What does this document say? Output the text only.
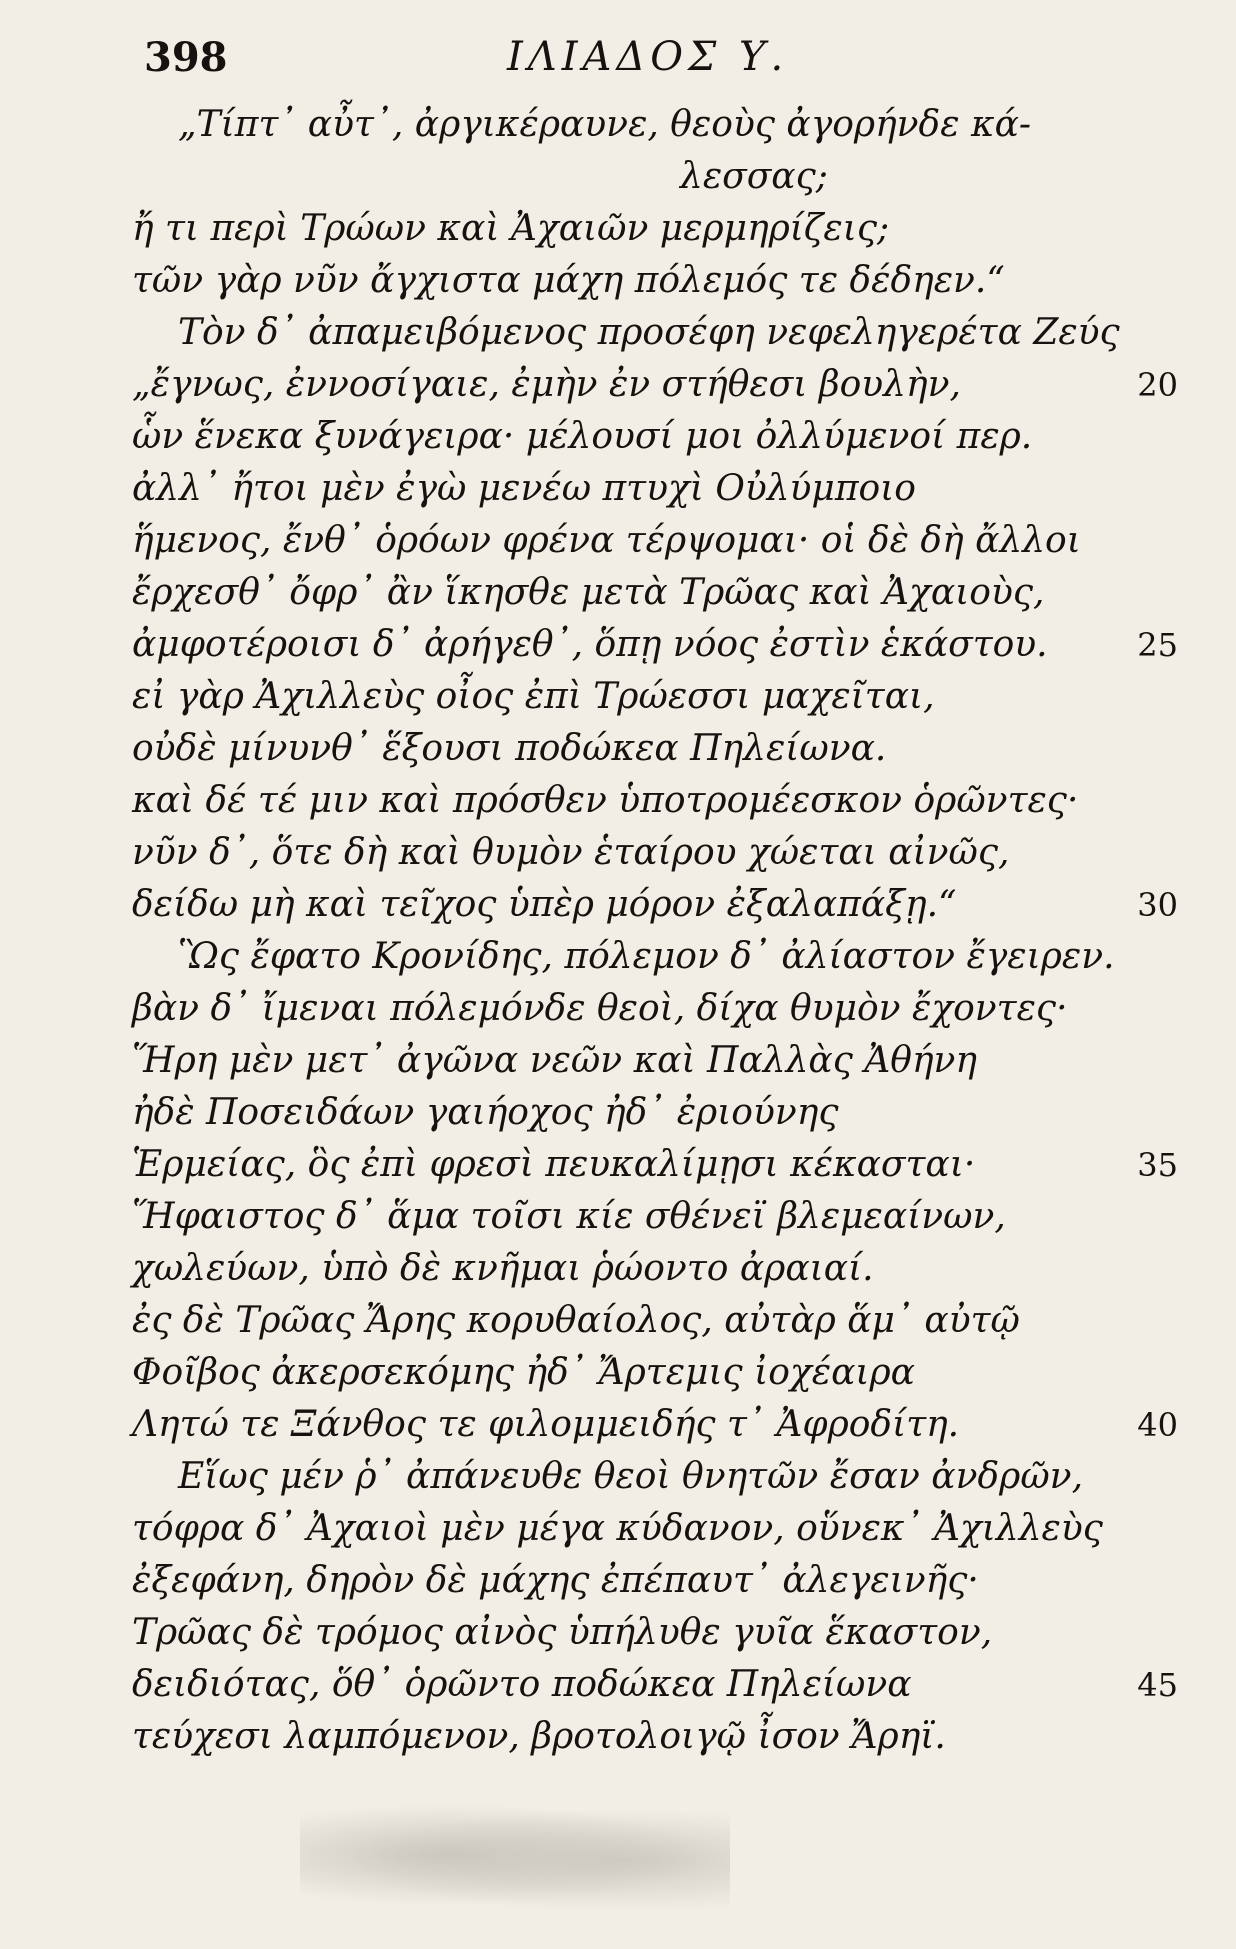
398	ΙΛΙΑΔΟΣ Υ.
„Τίπτ᾽ αὖτ᾽, ἀργικέραυνε, θεοὺς ἀγορήνδε κά-
λεσσας;
ἤ τι περὶ Τρώων καὶ Ἀχαιῶν μερμηρίζεις;
τῶν γὰρ νῦν ἄγχιστα μάχη πόλεμός τε δέδηεν.“
Τὸν δ᾽ ἀπαμειβόμενος προσέφη νεφεληγερέτα Ζεύς
„ἔγνως, ἐννοσίγαιε, ἐμὴν ἐν στήθεσι βουλὴν,	20
ὧν ἕνεκα ξυνάγειρα· μέλουσί μοι ὀλλύμενοί περ.
ἀλλ᾽ ἤτοι μὲν ἐγὼ μενέω πτυχὶ Οὐλύμποιο
ἥμενος, ἔνθ᾽ ὁρόων φρένα τέρψομαι· οἱ δὲ δὴ ἄλλοι
ἔρχεσθ᾽ ὄφρ᾽ ἂν ἵκησθε μετὰ Τρῶας καὶ Ἀχαιοὺς,
ἀμφοτέροισι δ᾽ ἀρήγεθ᾽, ὅπῃ νόος ἐστὶν ἑκάστου.	25
εἰ γὰρ Ἀχιλλεὺς οἶος ἐπὶ Τρώεσσι μαχεῖται,
οὐδὲ μίνυνθ᾽ ἕξουσι ποδώκεα Πηλείωνα.
καὶ δέ τέ μιν καὶ πρόσθεν ὑποτρομέεσκον ὁρῶντες·
νῦν δ᾽, ὅτε δὴ καὶ θυμὸν ἑταίρου χώεται αἰνῶς,
δείδω μὴ καὶ τεῖχος ὑπὲρ μόρον ἐξαλαπάξῃ.“	30
Ὣς ἔφατο Κρονίδης, πόλεμον δ᾽ ἀλίαστον ἔγειρεν.
βὰν δ᾽ ἴμεναι πόλεμόνδε θεοὶ, δίχα θυμὸν ἔχοντες·
Ἥρη μὲν μετ᾽ ἀγῶνα νεῶν καὶ Παλλὰς Ἀθήνη
ἠδὲ Ποσειδάων γαιήοχος ἠδ᾽ ἐριούνης
Ἑρμείας, ὃς ἐπὶ φρεσὶ πευκαλίμῃσι κέκασται·	35
Ἥφαιστος δ᾽ ἅμα τοῖσι κίε σθένεϊ βλεμεαίνων,
χωλεύων, ὑπὸ δὲ κνῆμαι ῥώοντο ἀραιαί.
ἐς δὲ Τρῶας Ἄρης κορυθαίολος, αὐτὰρ ἅμ᾽ αὐτῷ
Φοῖβος ἀκερσεκόμης ἠδ᾽ Ἄρτεμις ἰοχέαιρα
Λητώ τε Ξάνθος τε φιλομμειδής τ᾽ Ἀφροδίτη.	40
Εἵως μέν ῥ᾽ ἀπάνευθε θεοὶ θνητῶν ἔσαν ἀνδρῶν,
τόφρα δ᾽ Ἀχαιοὶ μὲν μέγα κύδανον, οὕνεκ᾽ Ἀχιλλεὺς
ἐξεφάνη, δηρὸν δὲ μάχης ἐπέπαυτ᾽ ἀλεγεινῆς·
Τρῶας δὲ τρόμος αἰνὸς ὑπήλυθε γυῖα ἕκαστον,
δειδιότας, ὅθ᾽ ὁρῶντο ποδώκεα Πηλείωνα	45
τεύχεσι λαμπόμενον, βροτολοιγῷ ἶσον Ἄρηϊ.
